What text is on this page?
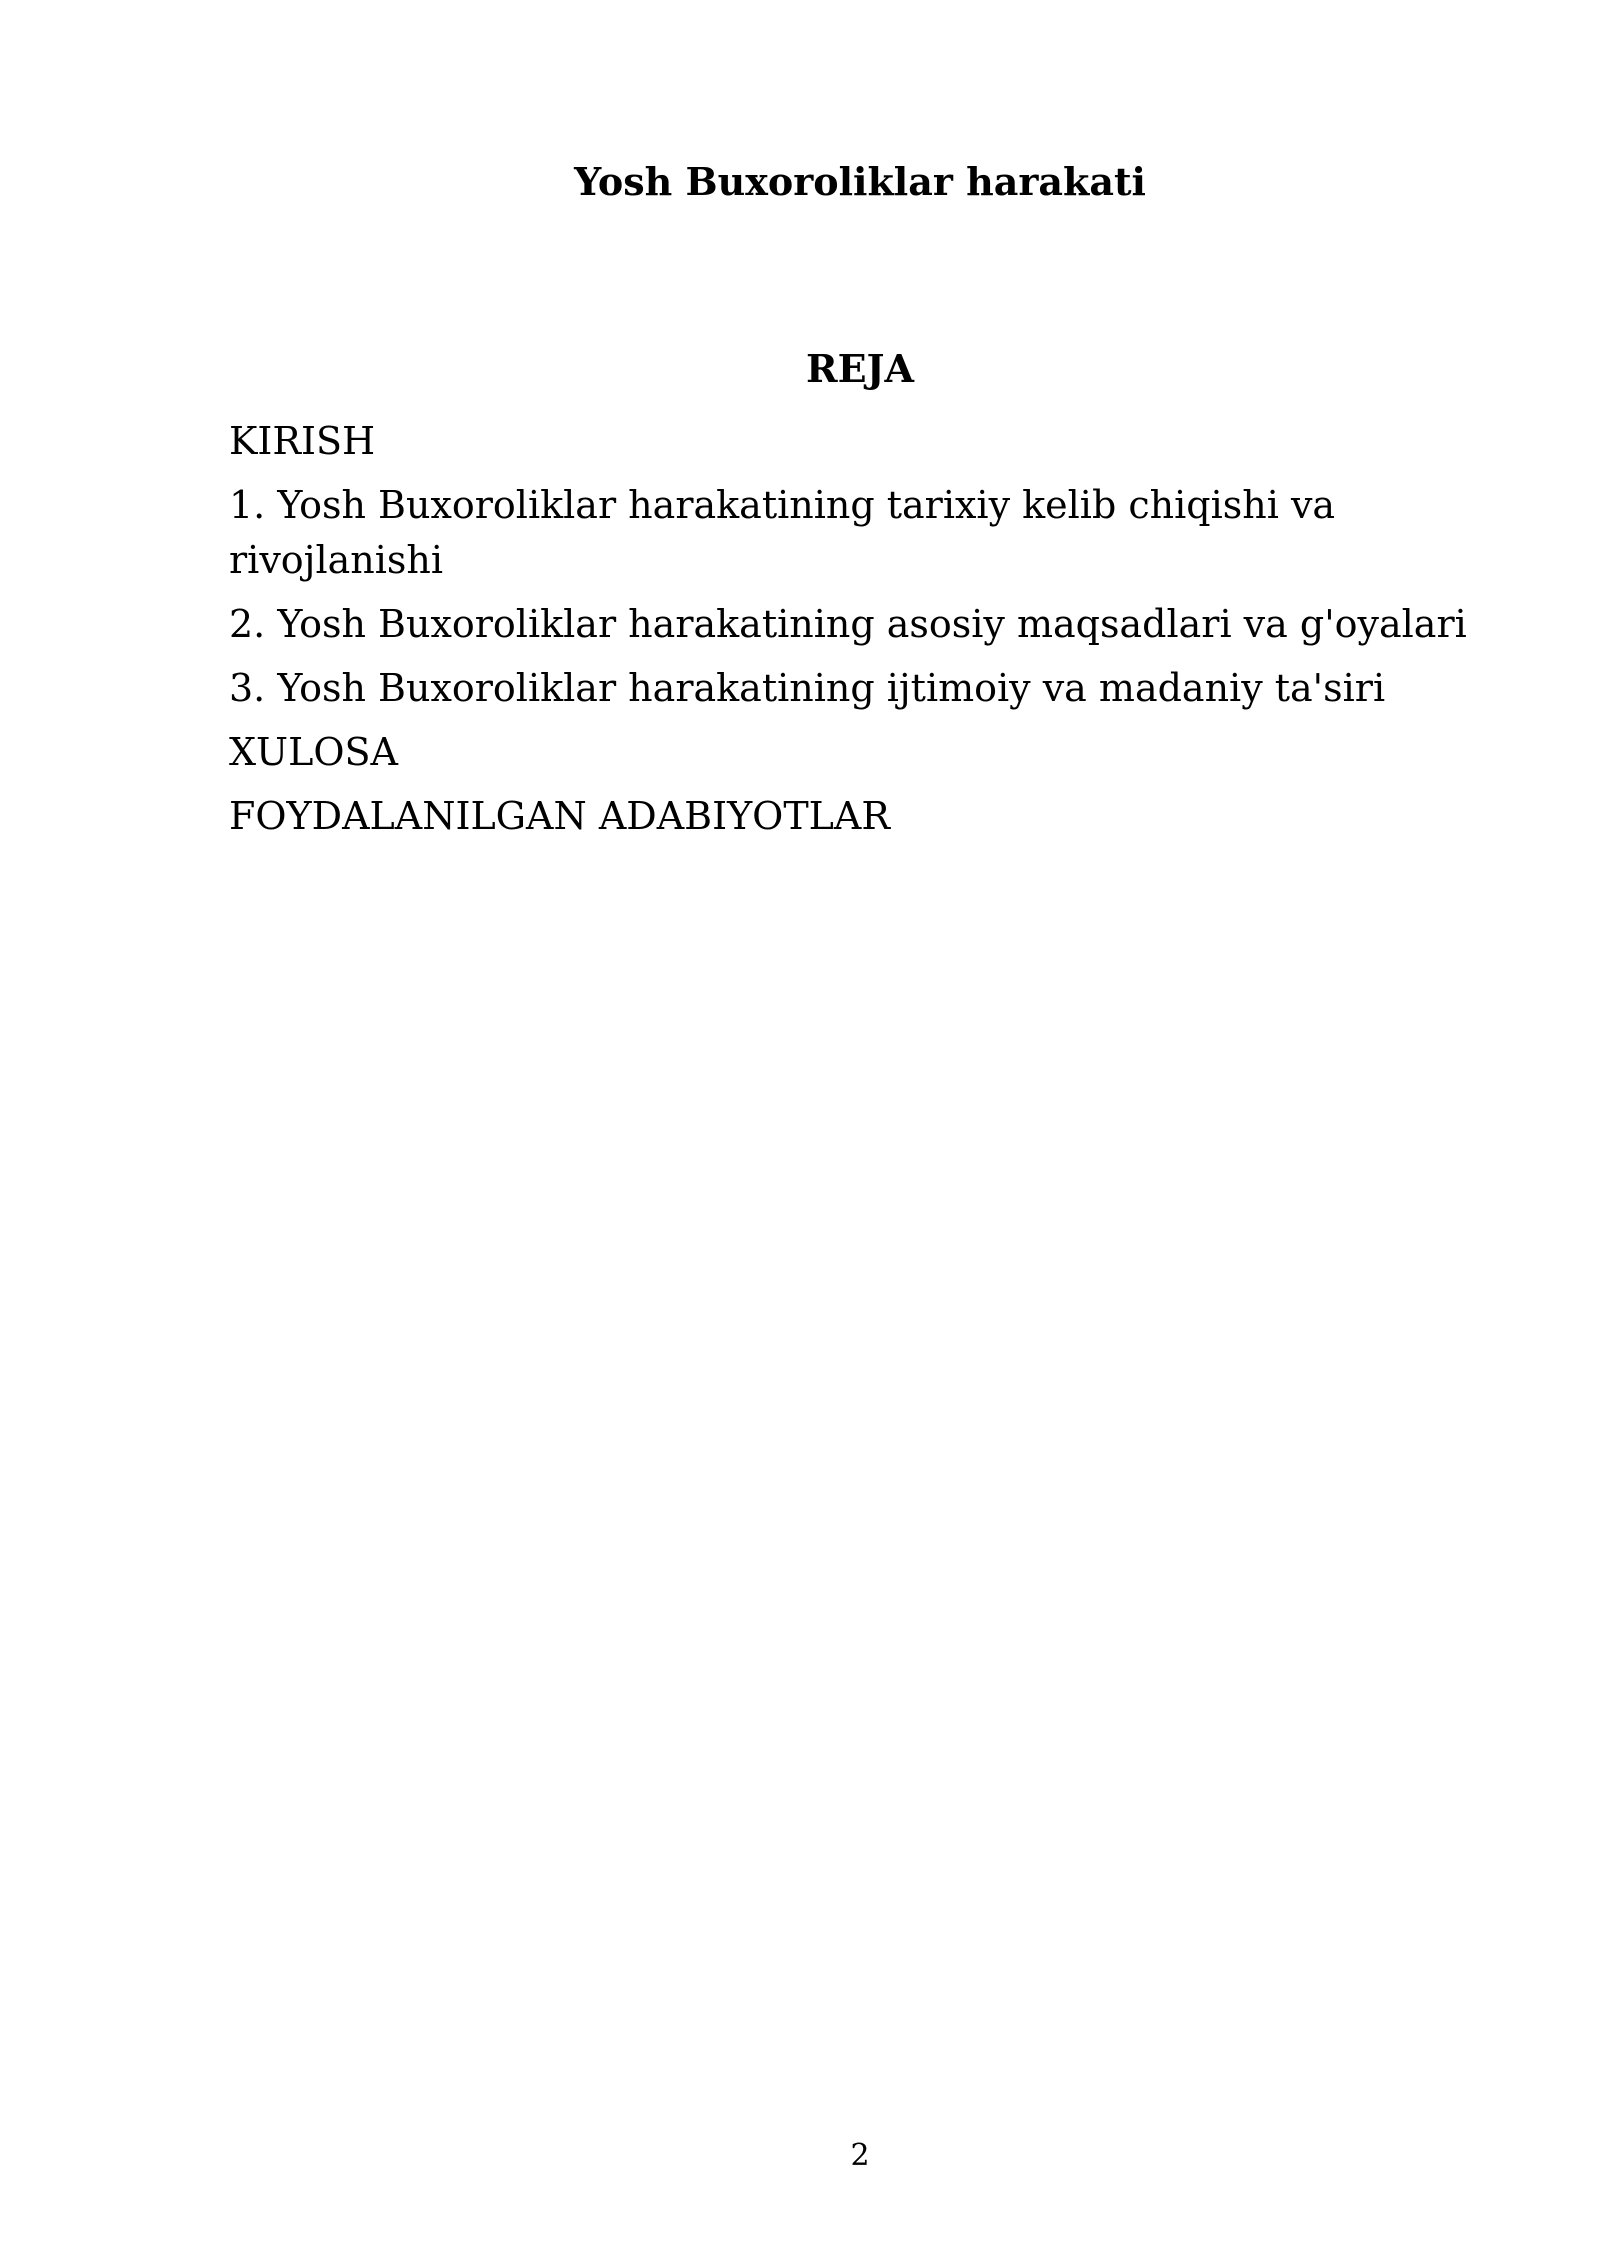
Yosh Buxoroliklar harakati
REJA
KIRISH
1. Yosh Buxoroliklar harakatining tarixiy kelib chiqishi va rivojlanishi
2. Yosh Buxoroliklar harakatining asosiy maqsadlari va g'oyalari
3. Yosh Buxoroliklar harakatining ijtimoiy va madaniy ta'siri
XULOSA
FOYDALANILGAN ADABIYOTLAR
2
